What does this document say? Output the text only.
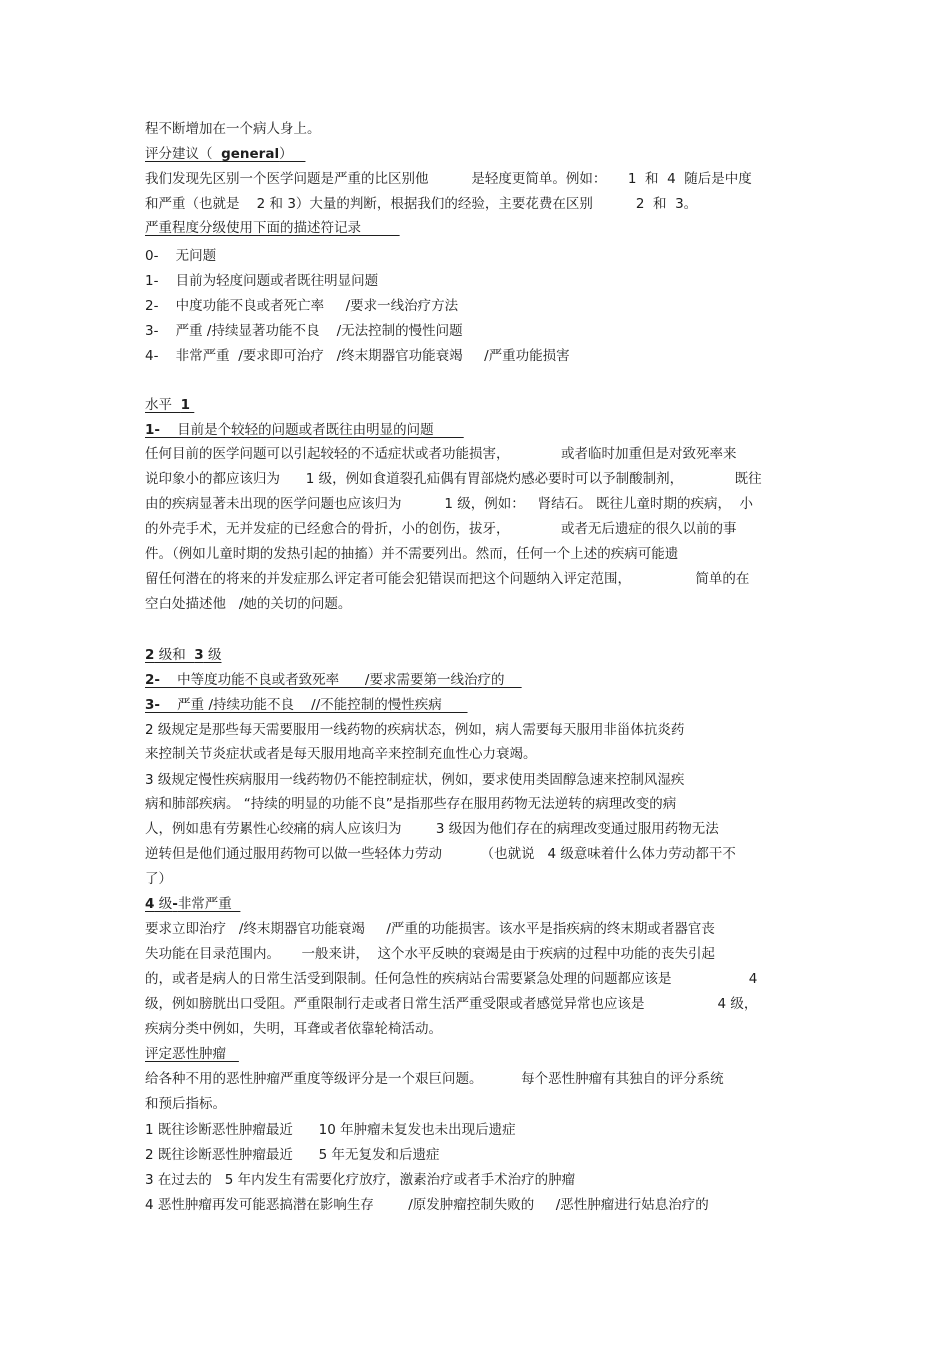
程不断增加在一个病人身上。
评分建议（  general）
我们发现先区别一个医学问题是严重的比区别他          是轻度更简单。例如：     1  和  4  随后是中度
和严重（也就是    2 和 3）大量的判断，根据我们的经验，主要花费在区别          2  和  3。
严重程度分级使用下面的描述符记录
0-    无问题
1-    目前为轻度问题或者既往明显问题
2-    中度功能不良或者死亡率     /要求一线治疗方法
3-    严重 /持续显著功能不良    /无法控制的慢性问题
4-    非常严重  /要求即可治疗   /终末期器官功能衰竭     /严重功能损害
水平  1
1-    目前是个较轻的问题或者既往由明显的问题
任何目前的医学问题可以引起较轻的不适症状或者功能损害，            或者临时加重但是对致死率来
说印象小的都应该归为      1 级，例如食道裂孔疝偶有胃部烧灼感必要时可以予制酸制剂，            既往
由的疾病显著未出现的医学问题也应该归为          1 级，例如：   肾结石。 既往儿童时期的疾病，  小
的外壳手术，无并发症的已经愈合的骨折，小的创伤，拔牙，            或者无后遗症的很久以前的事
件。（例如儿童时期的发热引起的抽搐）并不需要列出。然而，任何一个上述的疾病可能遗
留任何潜在的将来的并发症那么评定者可能会犯错误而把这个问题纳入评定范围，               简单的在
空白处描述他   /她的关切的问题。
2 级和  3 级
2-    中等度功能不良或者致死率      /要求需要第一线治疗的
3-    严重 /持续功能不良    //不能控制的慢性疾病
2 级规定是那些每天需要服用一线药物的疾病状态，例如，病人需要每天服用非甾体抗炎药
来控制关节炎症状或者是每天服用地高辛来控制充血性心力衰竭。
3 级规定慢性疾病服用一线药物仍不能控制症状，例如，要求使用类固醇急速来控制风湿疾
病和肺部疾病。 “持续的明显的功能不良”是指那些存在服用药物无法逆转的病理改变的病
人，例如患有劳累性心绞痛的病人应该归为        3 级因为他们存在的病理改变通过服用药物无法
逆转但是他们通过服用药物可以做一些轻体力劳动         （也就说   4 级意味着什么体力劳动都干不
了）
4 级-非常严重
要求立即治疗   /终末期器官功能衰竭     /严重的功能损害。该水平是指疾病的终末期或者器官丧
失功能在目录范围内。     一般来讲，  这个水平反映的衰竭是由于疾病的过程中功能的丧失引起
的，或者是病人的日常生活受到限制。任何急性的疾病站台需要紧急处理的问题都应该是                  4
级，例如膀胱出口受阻。严重限制行走或者日常生活严重受限或者感觉异常也应该是                 4 级，
疾病分类中例如，失明，耳聋或者依靠轮椅活动。
评定恶性肿瘤
给各种不用的恶性肿瘤严重度等级评分是一个艰巨问题。         每个恶性肿瘤有其独自的评分系统
和预后指标。
1 既往诊断恶性肿瘤最近      10 年肿瘤未复发也未出现后遗症
2 既往诊断恶性肿瘤最近      5 年无复发和后遗症
3 在过去的   5 年内发生有需要化疗放疗，激素治疗或者手术治疗的肿瘤
4 恶性肿瘤再发可能恶搞潜在影响生存        /原发肿瘤控制失败的     /恶性肿瘤进行姑息治疗的
